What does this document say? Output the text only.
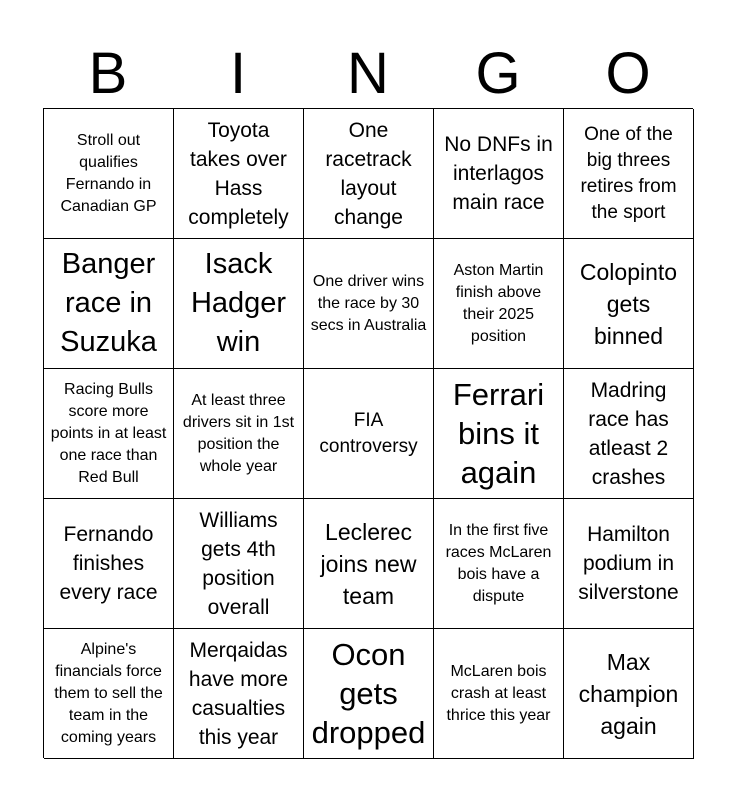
B	I	N	G	O
Stroll out qualifies Fernando in Canadian GP
Toyota takes over Hass completely
One racetrack layout change
No DNFs in interlagos main race
One of the big threes retires from the sport
Banger race in Suzuka
Isack Hadger win
One driver wins the race by 30 secs in Australia
Aston Martin finish above their 2025 position
Colopinto gets binned
Racing Bulls score more points in at least one race than Red Bull
At least three drivers sit in 1st position the whole year
FIA controversy
Ferrari bins it again
Madring race has atleast 2 crashes
Fernando finishes every race
Williams gets 4th position overall
Leclerec joins new team
In the first five races McLaren bois have a dispute
Hamilton podium in silverstone
Alpine's financials force them to sell the team in the coming years
Merqaidas have more casualties this year
Ocon gets dropped
McLaren bois crash at least thrice this year
Max champion again
